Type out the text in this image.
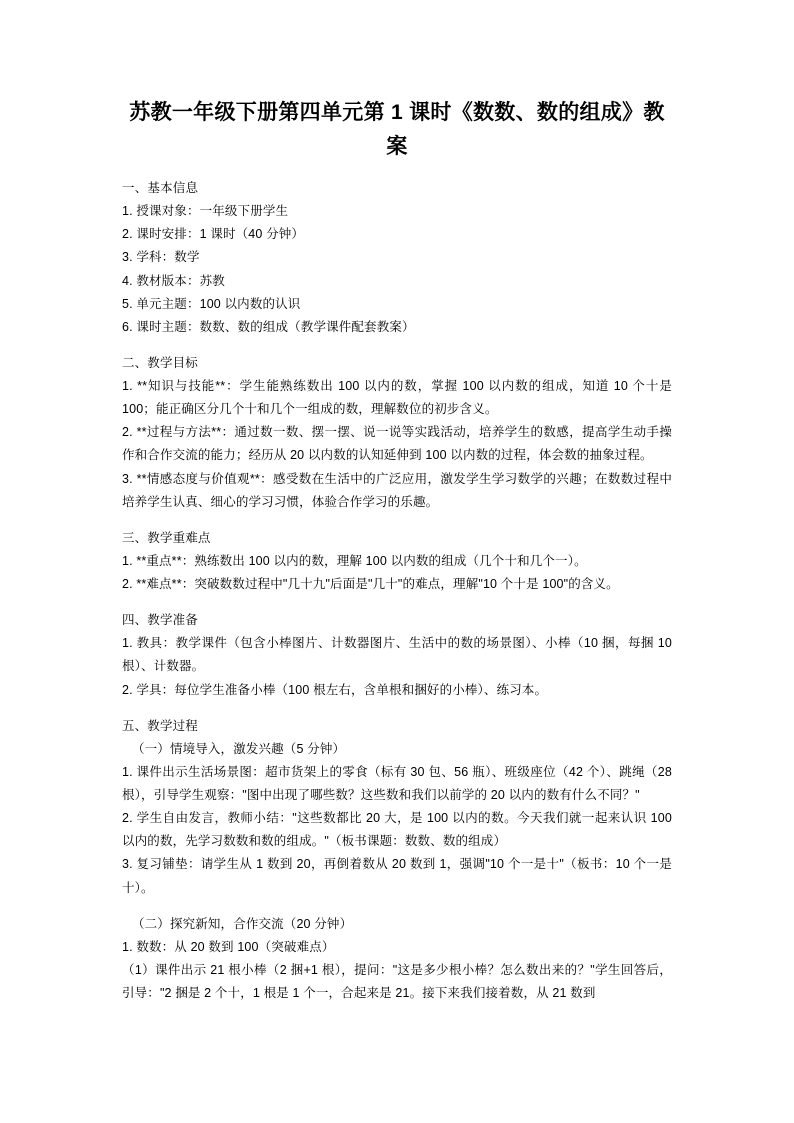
苏教一年级下册第四单元第 1 课时《数数、数的组成》教案

一、基本信息

1. 授课对象：一年级下册学生

2. 课时安排：1 课时（40 分钟）

3. 学科：数学

4. 教材版本：苏教

5. 单元主题：100 以内数的认识

6. 课时主题：数数、数的组成（教学课件配套教案）

二、教学目标

1. **知识与技能**：学生能熟练数出 100 以内的数，掌握 100 以内数的组成，知道 10 个十是 100；能正确区分几个十和几个一组成的数，理解数位的初步含义。

2. **过程与方法**：通过数一数、摆一摆、说一说等实践活动，培养学生的数感，提高学生动手操作和合作交流的能力；经历从 20 以内数的认知延伸到 100 以内数的过程，体会数的抽象过程。

3. **情感态度与价值观**：感受数在生活中的广泛应用，激发学生学习数学的兴趣；在数数过程中培养学生认真、细心的学习习惯，体验合作学习的乐趣。

三、教学重难点

1. **重点**：熟练数出 100 以内的数，理解 100 以内数的组成（几个十和几个一）。

2. **难点**：突破数数过程中"几十九"后面是"几十"的难点，理解"10 个十是 100"的含义。

四、教学准备

1. 教具：教学课件（包含小棒图片、计数器图片、生活中的数的场景图）、小棒（10 捆，每捆 10 根）、计数器。

2. 学具：每位学生准备小棒（100 根左右，含单根和捆好的小棒）、练习本。

五、教学过程

（一）情境导入，激发兴趣（5 分钟）

1. 课件出示生活场景图：超市货架上的零食（标有 30 包、56 瓶）、班级座位（42 个）、跳绳（28 根），引导学生观察："图中出现了哪些数？这些数和我们以前学的 20 以内的数有什么不同？"

2. 学生自由发言，教师小结："这些数都比 20 大，是 100 以内的数。今天我们就一起来认识 100 以内的数，先学习数数和数的组成。"（板书课题：数数、数的组成）

3. 复习铺垫：请学生从 1 数到 20，再倒着数从 20 数到 1，强调"10 个一是十"（板书：10 个一是十）。

（二）探究新知，合作交流（20 分钟）

1. 数数：从 20 数到 100（突破难点）

（1）课件出示 21 根小棒（2 捆+1 根），提问："这是多少根小棒？怎么数出来的？"学生回答后，引导："2 捆是 2 个十，1 根是 1 个一，合起来是 21。接下来我们接着数，从 21 数到
